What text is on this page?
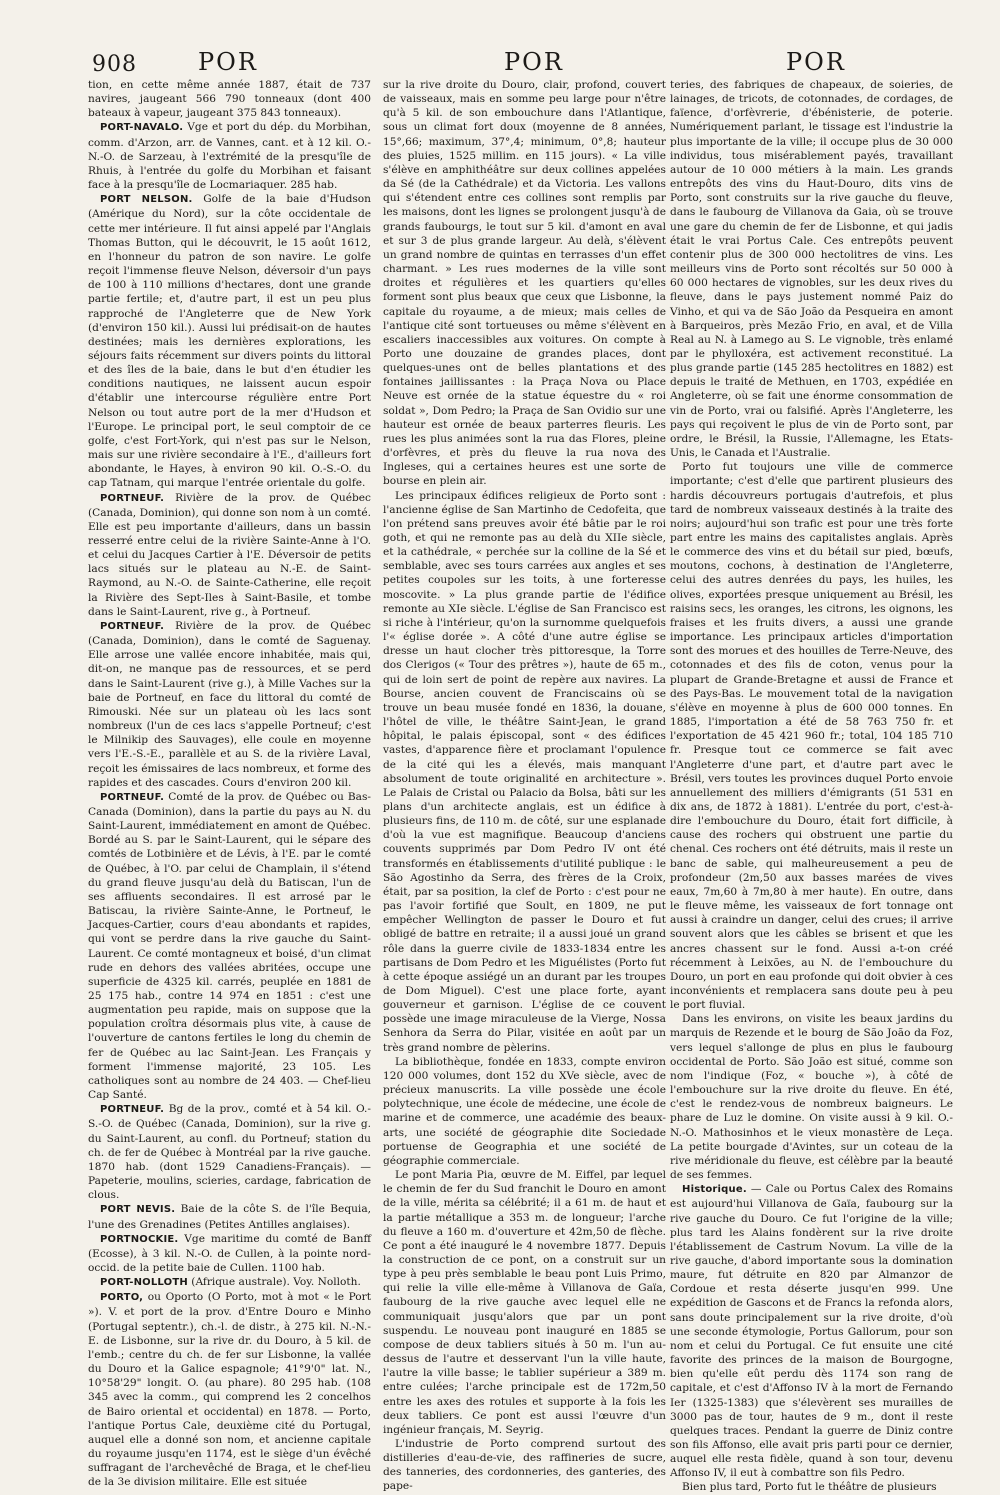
908	POR	POR	POR

tion, en cette même année 1887, était de 737 navires, jaugeant 566 790 tonneaux (dont 400 bateaux à vapeur, jaugeant 375 843 tonneaux).

PORT-NAVALO. Vge et port du dép. du Morbihan, comm. d'Arzon, arr. de Vannes, cant. et à 12 kil. O.-N.-O. de Sarzeau, à l'extrémité de la presqu'île de Rhuis, à l'entrée du golfe du Morbihan et faisant face à la presqu'île de Locmariaquer. 285 hab.

PORT NELSON. Golfe de la baie d'Hudson (Amérique du Nord), sur la côte occidentale de cette mer intérieure. Il fut ainsi appelé par l'Anglais Thomas Button, qui le découvrit, le 15 août 1612, en l'honneur du patron de son navire. Le golfe reçoit l'immense fleuve Nelson, déversoir d'un pays de 100 à 110 millions d'hectares, dont une grande partie fertile; et, d'autre part, il est un peu plus rapproché de l'Angleterre que de New York (d'environ 150 kil.). Aussi lui prédisait-on de hautes destinées; mais les dernières explorations, les séjours faits récemment sur divers points du littoral et des îles de la baie, dans le but d'en étudier les conditions nautiques, ne laissent aucun espoir d'établir une intercourse régulière entre Port Nelson ou tout autre port de la mer d'Hudson et l'Europe. Le principal port, le seul comptoir de ce golfe, c'est Fort-York, qui n'est pas sur le Nelson, mais sur une rivière secondaire à l'E., d'ailleurs fort abondante, le Hayes, à environ 90 kil. O.-S.-O. du cap Tatnam, qui marque l'entrée orientale du golfe.

PORTNEUF. Rivière de la prov. de Québec (Canada, Dominion), qui donne son nom à un comté. Elle est peu importante d'ailleurs, dans un bassin resserré entre celui de la rivière Sainte-Anne à l'O. et celui du Jacques Cartier à l'E. Déversoir de petits lacs situés sur le plateau au N.-E. de Saint-Raymond, au N.-O. de Sainte-Catherine, elle reçoit la Rivière des Sept-Iles à Saint-Basile, et tombe dans le Saint-Laurent, rive g., à Portneuf.

PORTNEUF. Rivière de la prov. de Québec (Canada, Dominion), dans le comté de Saguenay. Elle arrose une vallée encore inhabitée, mais qui, dit-on, ne manque pas de ressources, et se perd dans le Saint-Laurent (rive g.), à Mille Vaches sur la baie de Portneuf, en face du littoral du comté de Rimouski. Née sur un plateau où les lacs sont nombreux (l'un de ces lacs s'appelle Portneuf; c'est le Milnikip des Sauvages), elle coule en moyenne vers l'E.-S.-E., parallèle et au S. de la rivière Laval, reçoit les émissaires de lacs nombreux, et forme des rapides et des cascades. Cours d'environ 200 kil.

PORTNEUF. Comté de la prov. de Québec ou Bas-Canada (Dominion), dans la partie du pays au N. du Saint-Laurent, immédiatement en amont de Québec. Bordé au S. par le Saint-Laurent, qui le sépare des comtés de Lotbinière et de Lévis, à l'E. par le comté de Québec, à l'O. par celui de Champlain, il s'étend du grand fleuve jusqu'au delà du Batiscan, l'un de ses affluents secondaires. Il est arrosé par le Batiscau, la rivière Sainte-Anne, le Portneuf, le Jacques-Cartier, cours d'eau abondants et rapides, qui vont se perdre dans la rive gauche du Saint-Laurent. Ce comté montagneux et boisé, d'un climat rude en dehors des vallées abritées, occupe une superficie de 4325 kil. carrés, peuplée en 1881 de 25 175 hab., contre 14 974 en 1851 : c'est une augmentation peu rapide, mais on suppose que la population croîtra désormais plus vite, à cause de l'ouverture de cantons fertiles le long du chemin de fer de Québec au lac Saint-Jean. Les Français y forment l'immense majorité, 23 105. Les catholiques sont au nombre de 24 403. — Chef-lieu Cap Santé.

PORTNEUF. Bg de la prov., comté et à 54 kil. O.-S.-O. de Québec (Canada, Dominion), sur la rive g. du Saint-Laurent, au confl. du Portneuf; station du ch. de fer de Québec à Montréal par la rive gauche. 1870 hab. (dont 1529 Canadiens-Français). — Papeterie, moulins, scieries, cardage, fabrication de clous.

PORT NEVIS. Baie de la côte S. de l'île Bequia, l'une des Grenadines (Petites Antilles anglaises).

PORTNOCKIE. Vge maritime du comté de Banff (Ecosse), à 3 kil. N.-O. de Cullen, à la pointe nord-occid. de la petite baie de Cullen. 1100 hab.

PORT-NOLLOTH (Afrique australe). Voy. Nolloth.

PORTO, ou Oporto (O Porto, mot à mot « le Port »). V. et port de la prov. d'Entre Douro e Minho (Portugal septentr.), ch.-l. de distr., à 275 kil. N.-N.-E. de Lisbonne, sur la rive dr. du Douro, à 5 kil. de l'emb.; centre du ch. de fer sur Lisbonne, la vallée du Douro et la Galice espagnole; 41°9'0" lat. N., 10°58'29" longit. O. (au phare). 80 295 hab. (108 345 avec la comm., qui comprend les 2 concelhos de Bairo oriental et occidental) en 1878. — Porto, l'antique Portus Cale, deuxième cité du Portugal, auquel elle a donné son nom, et ancienne capitale du royaume jusqu'en 1174, est le siège d'un évêché suffragant de l'archevêché de Braga, et le chef-lieu de la 3e division militaire. Elle est située

sur la rive droite du Douro, clair, profond, couvert de vaisseaux, mais en somme peu large pour n'être qu'à 5 kil. de son embouchure dans l'Atlantique, sous un climat fort doux (moyenne de 8 années, 15°,66; maximum, 37°,4; minimum, 0°,8; hauteur des pluies, 1525 millim. en 115 jours). « La ville s'élève en amphithéâtre sur deux collines appelées da Sé (de la Cathédrale) et da Victoria. Les vallons qui s'étendent entre ces collines sont remplis par les maisons, dont les lignes se prolongent jusqu'à de grands faubourgs, le tout sur 5 kil. d'amont en aval et sur 3 de plus grande largeur. Au delà, s'élèvent un grand nombre de quintas en terrasses d'un effet charmant. » Les rues modernes de la ville sont droites et régulières et les quartiers qu'elles forment sont plus beaux que ceux que Lisbonne, la capitale du royaume, a de mieux; mais celles de l'antique cité sont tortueuses ou même s'élèvent en escaliers inaccessibles aux voitures. On compte à Porto une douzaine de grandes places, dont quelques-unes ont de belles plantations et des fontaines jaillissantes : la Praça Nova ou Place Neuve est ornée de la statue équestre du « roi soldat », Dom Pedro; la Praça de San Ovidio sur une hauteur est ornée de beaux parterres fleuris. Les rues les plus animées sont la rua das Flores, pleine d'orfèvres, et près du fleuve la rua nova des Ingleses, qui a certaines heures est une sorte de bourse en plein air.

Les principaux édifices religieux de Porto sont : l'ancienne église de San Martinho de Cedofeita, que l'on prétend sans preuves avoir été bâtie par le roi goth, et qui ne remonte pas au delà du XIIe siècle, et la cathédrale, « perchée sur la colline de la Sé et semblable, avec ses tours carrées aux angles et ses petites coupoles sur les toits, à une forteresse moscovite. » La plus grande partie de l'édifice remonte au XIe siècle. L'église de San Francisco est si riche à l'intérieur, qu'on la surnomme quelquefois l'« église dorée ». A côté d'une autre église se dresse un haut clocher très pittoresque, la Torre dos Clerigos (« Tour des prêtres »), haute de 65 m., qui de loin sert de point de repère aux navires. La Bourse, ancien couvent de Franciscains où se trouve un beau musée fondé en 1836, la douane, l'hôtel de ville, le théâtre Saint-Jean, le grand hôpital, le palais épiscopal, sont « des édifices vastes, d'apparence fière et proclamant l'opulence de la cité qui les a élevés, mais manquant absolument de toute originalité en architecture ». Le Palais de Cristal ou Palacio da Bolsa, bâti sur les plans d'un architecte anglais, est un édifice à plusieurs fins, de 110 m. de côté, sur une esplanade d'où la vue est magnifique. Beaucoup d'anciens couvents supprimés par Dom Pedro IV ont été transformés en établissements d'utilité publique : le São Agostinho da Serra, des frères de la Croix, était, par sa position, la clef de Porto : c'est pour ne pas l'avoir fortifié que Soult, en 1809, ne put empêcher Wellington de passer le Douro et fut obligé de battre en retraite; il a aussi joué un grand rôle dans la guerre civile de 1833-1834 entre les partisans de Dom Pedro et les Miguélistes (Porto fut à cette époque assiégé un an durant par les troupes de Dom Miguel). C'est une place forte, ayant gouverneur et garnison. L'église de ce couvent possède une image miraculeuse de la Vierge, Nossa Senhora da Serra do Pilar, visitée en août par un très grand nombre de pèlerins.

La bibliothèque, fondée en 1833, compte environ 120 000 volumes, dont 152 du XVe siècle, avec de précieux manuscrits. La ville possède une école polytechnique, une école de médecine, une école de marine et de commerce, une académie des beaux-arts, une société de géographie dite Sociedade portuense de Geographia et une société de géographie commerciale.

Le pont Maria Pia, œuvre de M. Eiffel, par lequel le chemin de fer du Sud franchit le Douro en amont de la ville, mérita sa célébrité; il a 61 m. de haut et la partie métallique a 353 m. de longueur; l'arche du fleuve a 160 m. d'ouverture et 42m,50 de flèche. Ce pont a été inauguré le 4 novembre 1877. Depuis la construction de ce pont, on a construit sur un type à peu près semblable le beau pont Luis Primo, qui relie la ville elle-même à Villanova de Gaïa, faubourg de la rive gauche avec lequel elle ne communiquait jusqu'alors que par un pont suspendu. Le nouveau pont inauguré en 1885 se compose de deux tabliers situés à 50 m. l'un au-dessus de l'autre et desservant l'un la ville haute, l'autre la ville basse; le tablier supérieur a 389 m. entre culées; l'arche principale est de 172m,50 entre les axes des rotules et supporte à la fois les deux tabliers. Ce pont est aussi l'œuvre d'un ingénieur français, M. Seyrig.

L'industrie de Porto comprend surtout des distilleries d'eau-de-vie, des raffineries de sucre, des tanneries, des cordonneries, des ganteries, des pape-

teries, des fabriques de chapeaux, de soieries, de lainages, de tricots, de cotonnades, de cordages, de faïence, d'orfèvrerie, d'ébénisterie, de poterie. Numériquement parlant, le tissage est l'industrie la plus importante de la ville; il occupe plus de 30 000 individus, tous misérablement payés, travaillant autour de 10 000 métiers à la main. Les grands entrepôts des vins du Haut-Douro, dits vins de Porto, sont construits sur la rive gauche du fleuve, dans le faubourg de Villanova da Gaia, où se trouve une gare du chemin de fer de Lisbonne, et qui jadis était le vrai Portus Cale. Ces entrepôts peuvent contenir plus de 300 000 hectolitres de vins. Les meilleurs vins de Porto sont récoltés sur 50 000 à 60 000 hectares de vignobles, sur les deux rives du fleuve, dans le pays justement nommé Paiz do Vinho, et qui va de São João da Pesqueira en amont à Barqueiros, près Mezão Frio, en aval, et de Villa Real au N. à Lamego au S. Le vignoble, très enlamé par le phylloxéra, est activement reconstitué. La plus grande partie (145 285 hectolitres en 1882) est depuis le traité de Methuen, en 1703, expédiée en Angleterre, où se fait une énorme consommation de vin de Porto, vrai ou falsifié. Après l'Angleterre, les pays qui reçoivent le plus de vin de Porto sont, par ordre, le Brésil, la Russie, l'Allemagne, les Etats-Unis, le Canada et l'Australie.

Porto fut toujours une ville de commerce importante; c'est d'elle que partirent plusieurs des hardis découvreurs portugais d'autrefois, et plus tard de nombreux vaisseaux destinés à la traite des noirs; aujourd'hui son trafic est pour une très forte part entre les mains des capitalistes anglais. Après le commerce des vins et du bétail sur pied, bœufs, moutons, cochons, à destination de l'Angleterre, celui des autres denrées du pays, les huiles, les olives, exportées presque uniquement au Brésil, les raisins secs, les oranges, les citrons, les oignons, les fraises et les fruits divers, a aussi une grande importance. Les principaux articles d'importation sont des morues et des houilles de Terre-Neuve, des cotonnades et des fils de coton, venus pour la plupart de Grande-Bretagne et aussi de France et des Pays-Bas. Le mouvement total de la navigation s'élève en moyenne à plus de 600 000 tonnes. En 1885, l'importation a été de 58 763 750 fr. et l'exportation de 45 421 960 fr.; total, 104 185 710 fr. Presque tout ce commerce se fait avec l'Angleterre d'une part, et d'autre part avec le Brésil, vers toutes les provinces duquel Porto envoie annuellement des milliers d'émigrants (51 531 en dix ans, de 1872 à 1881). L'entrée du port, c'est-à-dire l'embouchure du Douro, était fort difficile, à cause des rochers qui obstruent une partie du chenal. Ces rochers ont été détruits, mais il reste un banc de sable, qui malheureusement a peu de profondeur (2m,50 aux basses marées de vives eaux, 7m,60 à 7m,80 à mer haute). En outre, dans le fleuve même, les vaisseaux de fort tonnage ont aussi à craindre un danger, celui des crues; il arrive souvent alors que les câbles se brisent et que les ancres chassent sur le fond. Aussi a-t-on créé récemment à Leixões, au N. de l'embouchure du Douro, un port en eau profonde qui doit obvier à ces inconvénients et remplacera sans doute peu à peu le port fluvial.

Dans les environs, on visite les beaux jardins du marquis de Rezende et le bourg de São João da Foz, vers lequel s'allonge de plus en plus le faubourg occidental de Porto. São João est situé, comme son nom l'indique (Foz, « bouche »), à côté de l'embouchure sur la rive droite du fleuve. En été, c'est le rendez-vous de nombreux baigneurs. Le phare de Luz le domine. On visite aussi à 9 kil. O.-N.-O. Mathosinhos et le vieux monastère de Leça. La petite bourgade d'Avintes, sur un coteau de la rive méridionale du fleuve, est célèbre par la beauté de ses femmes.

Historique. — Cale ou Portus Calex des Romains est aujourd'hui Villanova de Gaïa, faubourg sur la rive gauche du Douro. Ce fut l'origine de la ville; plus tard les Alains fondèrent sur la rive droite l'établissement de Castrum Novum. La ville de la rive gauche, d'abord importante sous la domination maure, fut détruite en 820 par Almanzor de Cordoue et resta déserte jusqu'en 999. Une expédition de Gascons et de Francs la refonda alors, sans doute principalement sur la rive droite, d'où une seconde étymologie, Portus Gallorum, pour son nom et celui du Portugal. Ce fut ensuite une cité favorite des princes de la maison de Bourgogne, bien qu'elle eût perdu dès 1174 son rang de capitale, et c'est d'Affonso IV à la mort de Fernando Ier (1325-1383) que s'élevèrent ses murailles de 3000 pas de tour, hautes de 9 m., dont il reste quelques traces. Pendant la guerre de Diniz contre son fils Affonso, elle avait pris parti pour ce dernier, auquel elle resta fidèle, quand à son tour, devenu Affonso IV, il eut à combattre son fils Pedro.

Bien plus tard, Porto fut le théâtre de plusieurs
